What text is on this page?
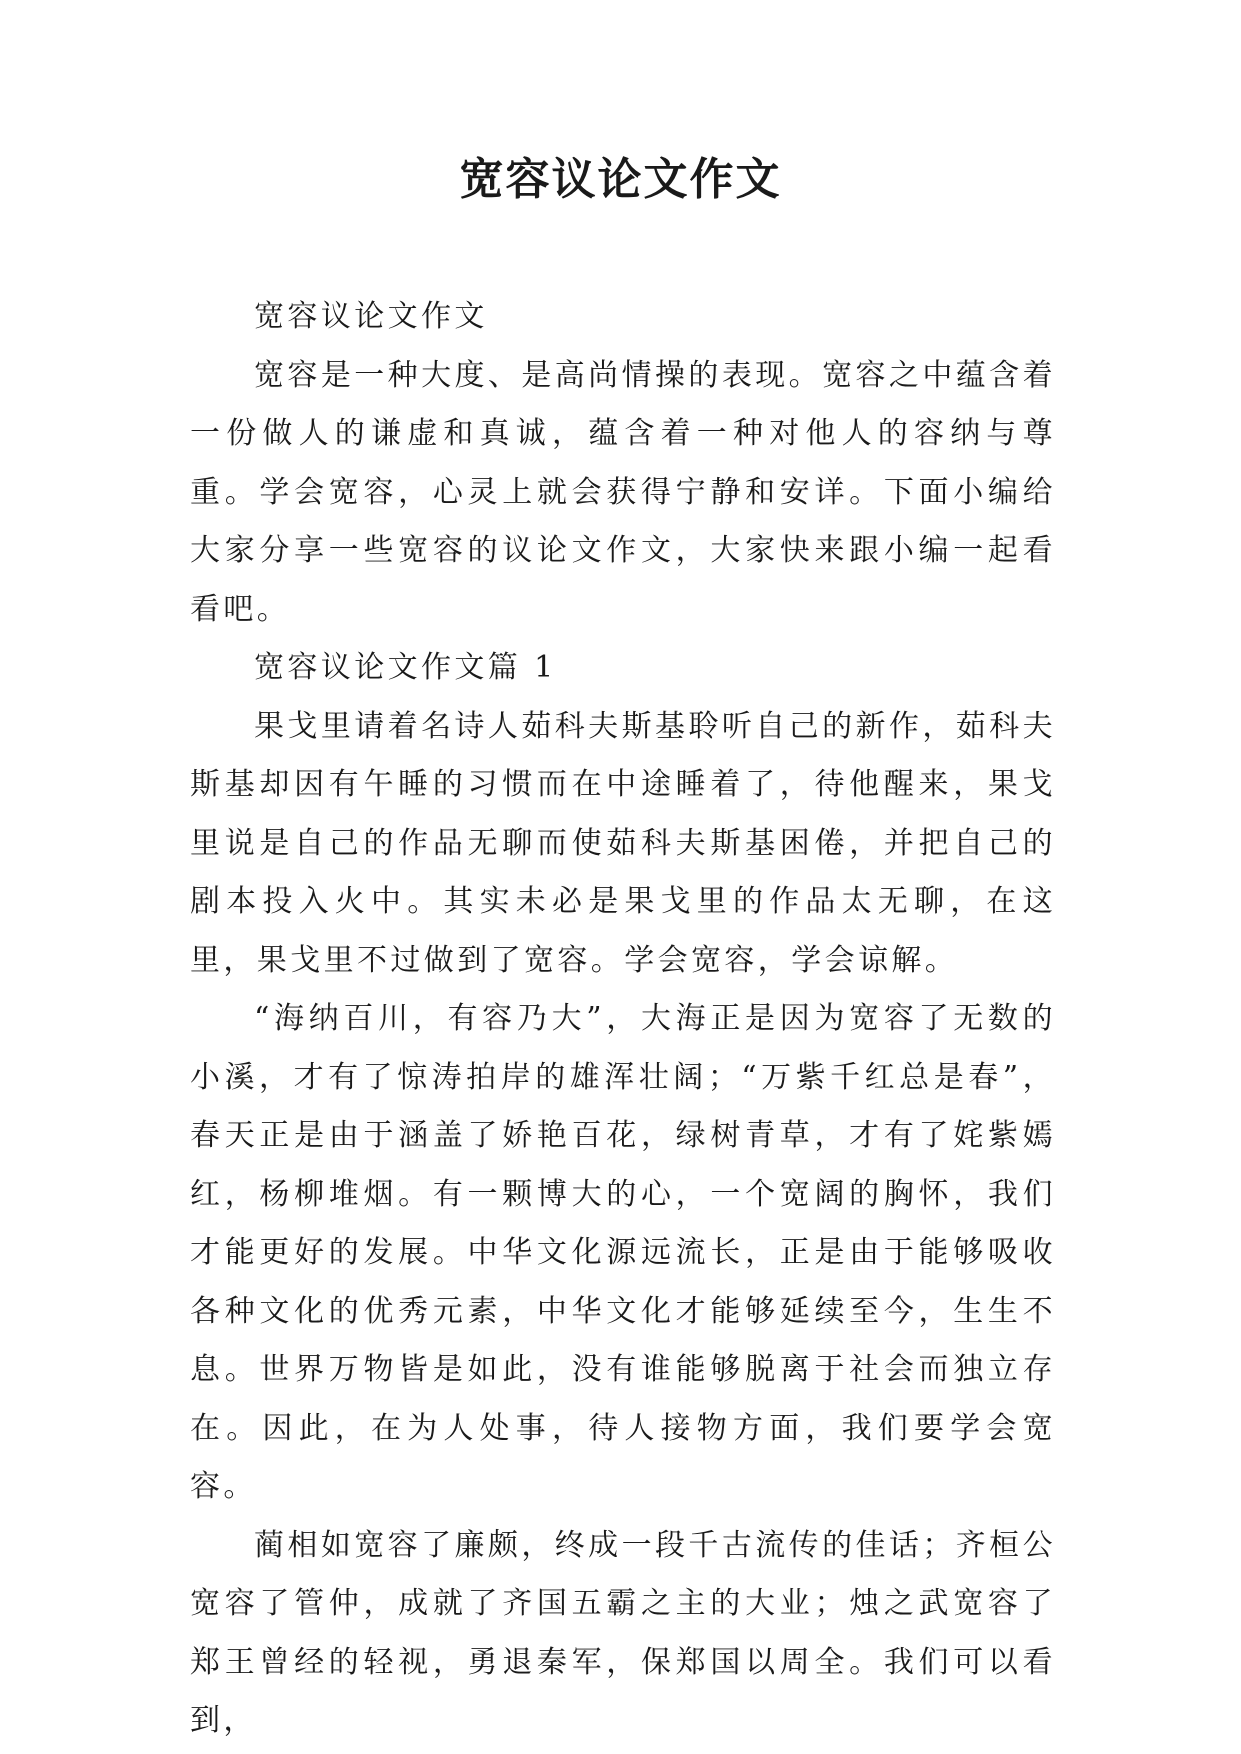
宽容议论文作文

宽容议论文作文

宽容是一种大度、是高尚情操的表现。宽容之中蕴含着一份做人的谦虚和真诚，蕴含着一种对他人的容纳与尊重。学会宽容，心灵上就会获得宁静和安详。下面小编给大家分享一些宽容的议论文作文，大家快来跟小编一起看看吧。

宽容议论文作文篇 1

果戈里请着名诗人茹科夫斯基聆听自己的新作，茹科夫斯基却因有午睡的习惯而在中途睡着了，待他醒来，果戈里说是自己的作品无聊而使茹科夫斯基困倦，并把自己的剧本投入火中。其实未必是果戈里的作品太无聊，在这里，果戈里不过做到了宽容。学会宽容，学会谅解。

“海纳百川，有容乃大”，大海正是因为宽容了无数的小溪，才有了惊涛拍岸的雄浑壮阔；“万紫千红总是春”，春天正是由于涵盖了娇艳百花，绿树青草，才有了姹紫嫣红，杨柳堆烟。有一颗博大的心，一个宽阔的胸怀，我们才能更好的发展。中华文化源远流长，正是由于能够吸收各种文化的优秀元素，中华文化才能够延续至今，生生不息。世界万物皆是如此，没有谁能够脱离于社会而独立存在。因此，在为人处事，待人接物方面，我们要学会宽容。

蔺相如宽容了廉颇，终成一段千古流传的佳话；齐桓公宽容了管仲，成就了齐国五霸之主的大业；烛之武宽容了郑王曾经的轻视，勇退秦军，保郑国以周全。我们可以看到，
